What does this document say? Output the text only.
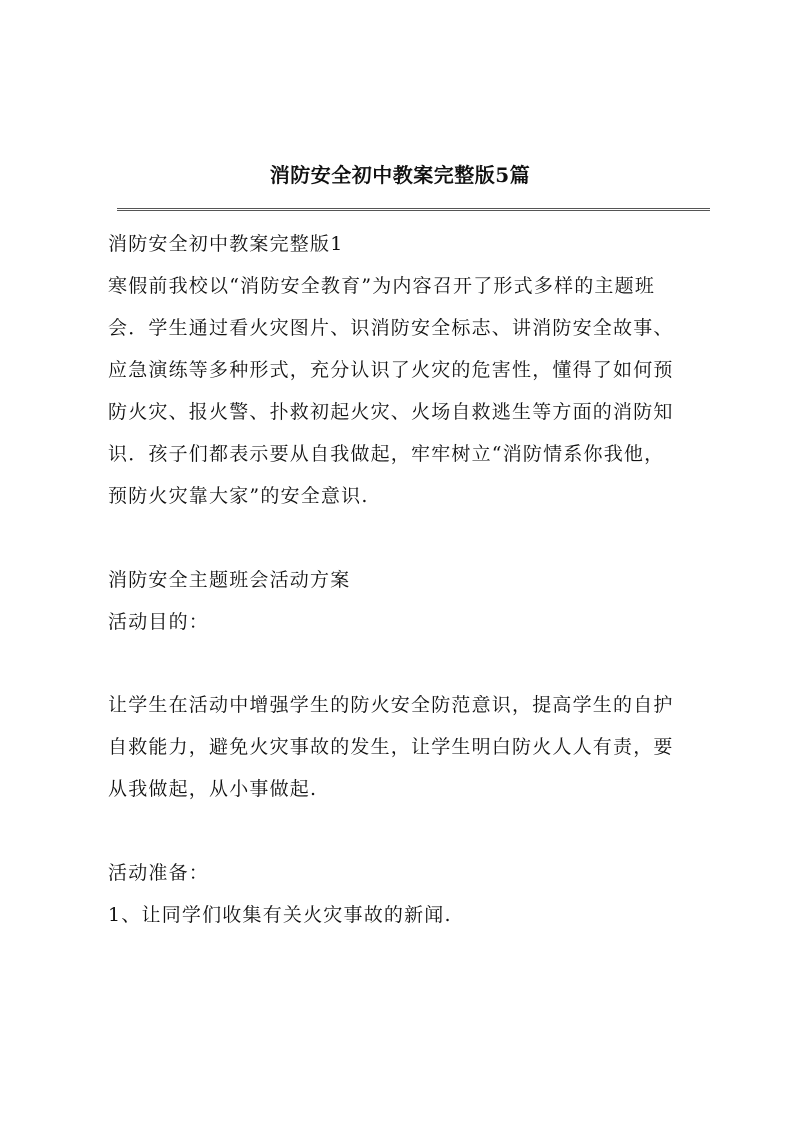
消防安全初中教案完整版5篇
消防安全初中教案完整版1
寒假前我校以“消防安全教育”为内容召开了形式多样的主题班
会．学生通过看火灾图片、识消防安全标志、讲消防安全故事、
应急演练等多种形式，充分认识了火灾的危害性，懂得了如何预
防火灾、报火警、扑救初起火灾、火场自救逃生等方面的消防知
识．孩子们都表示要从自我做起，牢牢树立“消防情系你我他，
预防火灾靠大家”的安全意识.
消防安全主题班会活动方案
活动目的：
让学生在活动中增强学生的防火安全防范意识，提高学生的自护
自救能力，避免火灾事故的发生，让学生明白防火人人有责，要
从我做起，从小事做起.
活动准备：
1、让同学们收集有关火灾事故的新闻.
